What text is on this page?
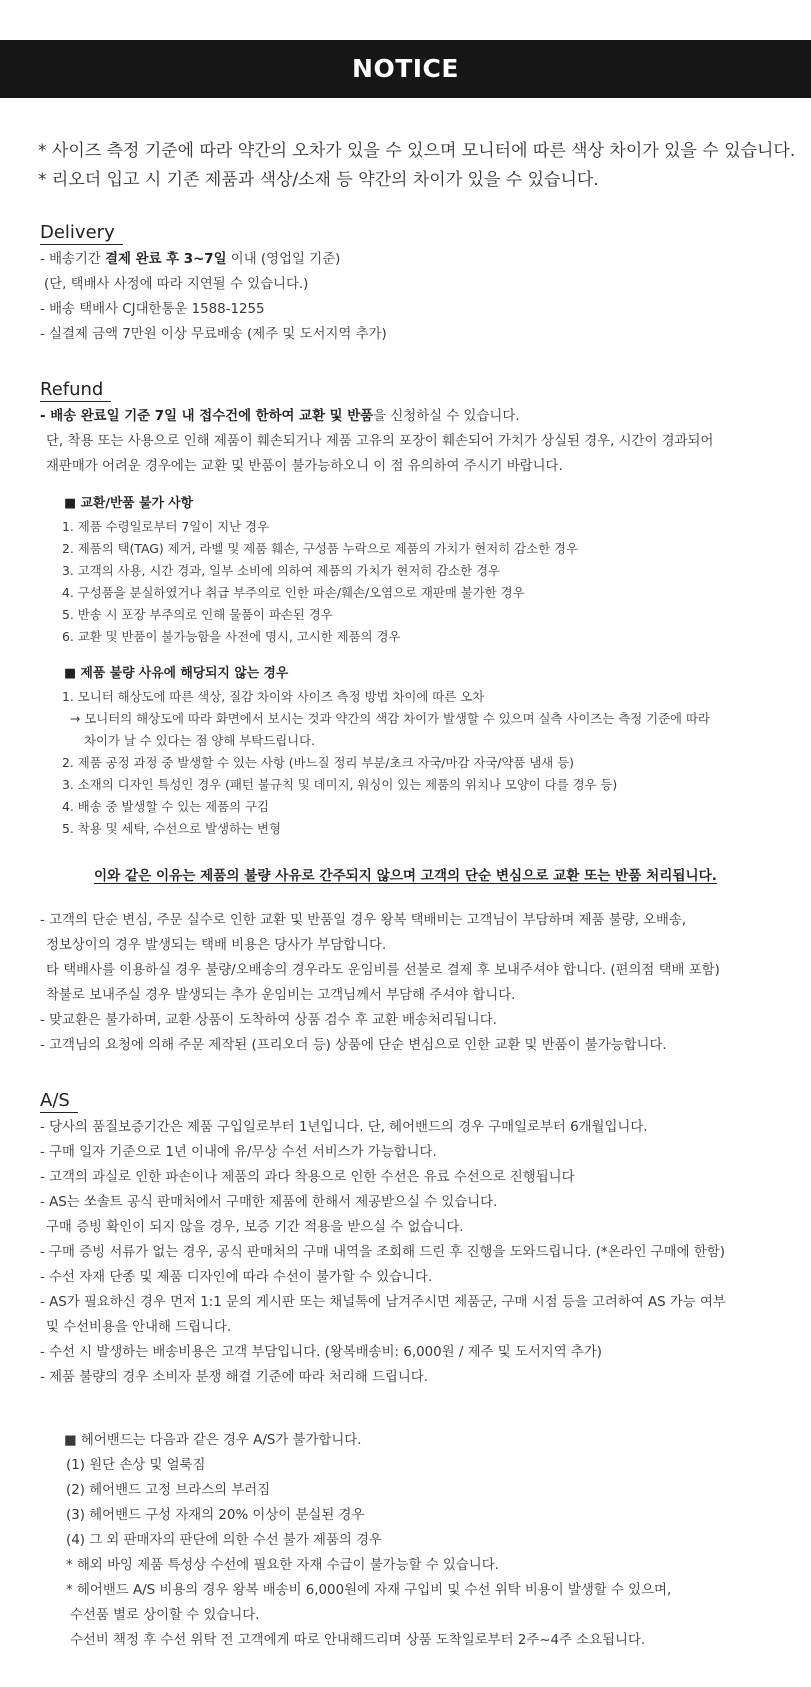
NOTICE
* 사이즈 측정 기준에 따라 약간의 오차가 있을 수 있으며 모니터에 따른 색상 차이가 있을 수 있습니다.
* 리오더 입고 시 기존 제품과 색상/소재 등 약간의 차이가 있을 수 있습니다.
Delivery
- 배송기간 결제 완료 후 3~7일 이내 (영업일 기준)
(단, 택배사 사정에 따라 지연될 수 있습니다.)
- 배송 택배사 CJ대한통운 1588-1255
- 실결제 금액 7만원 이상 무료배송 (제주 및 도서지역 추가)
Refund
- 배송 완료일 기준 7일 내 접수건에 한하여 교환 및 반품을 신청하실 수 있습니다.
단, 착용 또는 사용으로 인해 제품이 훼손되거나 제품 고유의 포장이 훼손되어 가치가 상실된 경우, 시간이 경과되어
재판매가 어려운 경우에는 교환 및 반품이 불가능하오니 이 점 유의하여 주시기 바랍니다.
■ 교환/반품 불가 사항
1. 제품 수령일로부터 7일이 지난 경우
2. 제품의 택(TAG) 제거, 라벨 및 제품 훼손, 구성품 누락으로 제품의 가치가 현저히 감소한 경우
3. 고객의 사용, 시간 경과, 일부 소비에 의하여 제품의 가치가 현저히 감소한 경우
4. 구성품을 분실하였거나 취급 부주의로 인한 파손/훼손/오염으로 재판매 불가한 경우
5. 반송 시 포장 부주의로 인해 물품이 파손된 경우
6. 교환 및 반품이 불가능함을 사전에 명시, 고시한 제품의 경우
■ 제품 불량 사유에 해당되지 않는 경우
1. 모니터 해상도에 따른 색상, 질감 차이와 사이즈 측정 방법 차이에 따른 오차
→ 모니터의 해상도에 따라 화면에서 보시는 것과 약간의 색감 차이가 발생할 수 있으며 실측 사이즈는 측정 기준에 따라
차이가 날 수 있다는 점 양해 부탁드립니다.
2. 제품 공정 과정 중 발생할 수 있는 사항 (바느질 정리 부분/초크 자국/마감 자국/약품 냄새 등)
3. 소재의 디자인 특성인 경우 (패턴 불규칙 및 데미지, 워싱이 있는 제품의 위치나 모양이 다를 경우 등)
4. 배송 중 발생할 수 있는 제품의 구김
5. 착용 및 세탁, 수선으로 발생하는 변형
이와 같은 이유는 제품의 불량 사유로 간주되지 않으며 고객의 단순 변심으로 교환 또는 반품 처리됩니다.
- 고객의 단순 변심, 주문 실수로 인한 교환 및 반품일 경우 왕복 택배비는 고객님이 부담하며 제품 불량, 오배송,
정보상이의 경우 발생되는 택배 비용은 당사가 부담합니다.
타 택배사를 이용하실 경우 불량/오배송의 경우라도 운임비를 선불로 결제 후 보내주셔야 합니다. (편의점 택배 포함)
착불로 보내주실 경우 발생되는 추가 운임비는 고객님께서 부담해 주셔야 합니다.
- 맞교환은 불가하며, 교환 상품이 도착하여 상품 검수 후 교환 배송처리됩니다.
- 고객님의 요청에 의해 주문 제작된 (프리오더 등) 상품에 단순 변심으로 인한 교환 및 반품이 불가능합니다.
A/S
- 당사의 품질보증기간은 제품 구입일로부터 1년입니다. 단, 헤어밴드의 경우 구매일로부터 6개월입니다.
- 구매 일자 기준으로 1년 이내에 유/무상 수선 서비스가 가능합니다.
- 고객의 과실로 인한 파손이나 제품의 과다 착용으로 인한 수선은 유료 수선으로 진행됩니다
- AS는 쏘솔트 공식 판매처에서 구매한 제품에 한해서 제공받으실 수 있습니다.
구매 증빙 확인이 되지 않을 경우, 보증 기간 적용을 받으실 수 없습니다.
- 구매 증빙 서류가 없는 경우, 공식 판매처의 구매 내역을 조회해 드린 후 진행을 도와드립니다. (*온라인 구매에 한함)
- 수선 자재 단종 및 제품 디자인에 따라 수선이 불가할 수 있습니다.
- AS가 필요하신 경우 먼저 1:1 문의 게시판 또는 채널톡에 남겨주시면 제품군, 구매 시점 등을 고려하여 AS 가능 여부
및 수선비용을 안내해 드립니다.
- 수선 시 발생하는 배송비용은 고객 부담입니다. (왕복배송비: 6,000원 / 제주 및 도서지역 추가)
- 제품 불량의 경우 소비자 분쟁 해결 기준에 따라 처리해 드립니다.
■ 헤어밴드는 다음과 같은 경우 A/S가 불가합니다.
(1) 원단 손상 및 얼룩짐
(2) 헤어밴드 고정 브라스의 부러짐
(3) 헤어밴드 구성 자재의 20% 이상이 분실된 경우
(4) 그 외 판매자의 판단에 의한 수선 불가 제품의 경우
* 해외 바잉 제품 특성상 수선에 필요한 자재 수급이 불가능할 수 있습니다.
* 헤어밴드 A/S 비용의 경우 왕복 배송비 6,000원에 자재 구입비 및 수선 위탁 비용이 발생할 수 있으며,
수선품 별로 상이할 수 있습니다.
수선비 책정 후 수선 위탁 전 고객에게 따로 안내해드리며 상품 도착일로부터 2주~4주 소요됩니다.
